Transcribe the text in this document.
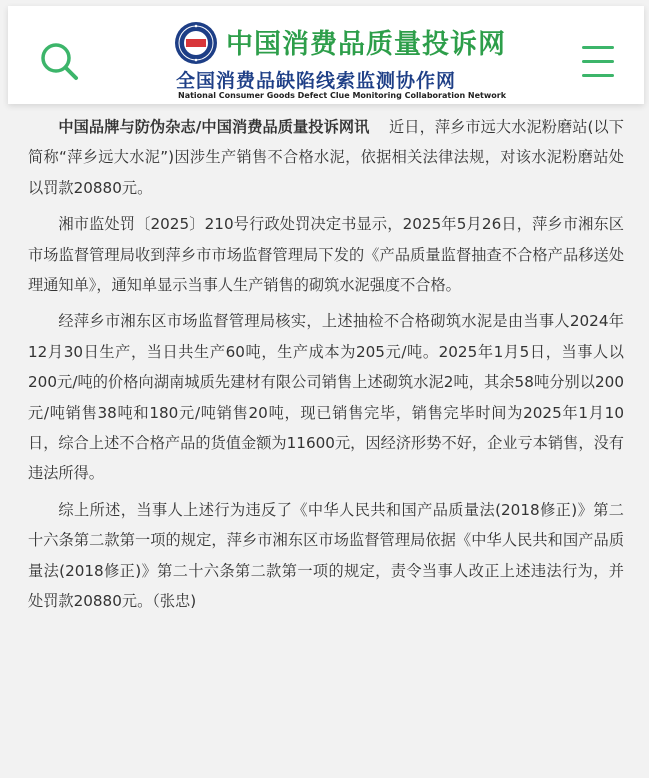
中国消费品质量投诉网
全国消费品缺陷线索监测协作网
National Consumer Goods Defect Clue Monitoring Collaboration Network

中国品牌与防伪杂志/中国消费品质量投诉网讯 近日，萍乡市远大水泥粉磨站(以下简称“萍乡远大水泥”)因涉生产销售不合格水泥，依据相关法律法规，对该水泥粉磨站处以罚款20880元。

湘市监处罚〔2025〕210号行政处罚决定书显示，2025年5月26日，萍乡市湘东区市场监督管理局收到萍乡市市场监督管理局下发的《产品质量监督抽查不合格产品移送处理通知单》，通知单显示当事人生产销售的砌筑水泥强度不合格。

经萍乡市湘东区市场监督管理局核实，上述抽检不合格砌筑水泥是由当事人2024年12月30日生产，当日共生产60吨，生产成本为205元/吨。2025年1月5日，当事人以200元/吨的价格向湖南城质先建材有限公司销售上述砌筑水泥2吨，其余58吨分别以200元/吨销售38吨和180元/吨销售20吨，现已销售完毕，销售完毕时间为2025年1月10日，综合上述不合格产品的货值金额为11600元，因经济形势不好，企业亏本销售，没有违法所得。

综上所述，当事人上述行为违反了《中华人民共和国产品质量法(2018修正)》第二十六条第二款第一项的规定，萍乡市湘东区市场监督管理局依据《中华人民共和国产品质量法(2018修正)》第二十六条第二款第一项的规定，责令当事人改正上述违法行为，并处罚款20880元。（张忠)
